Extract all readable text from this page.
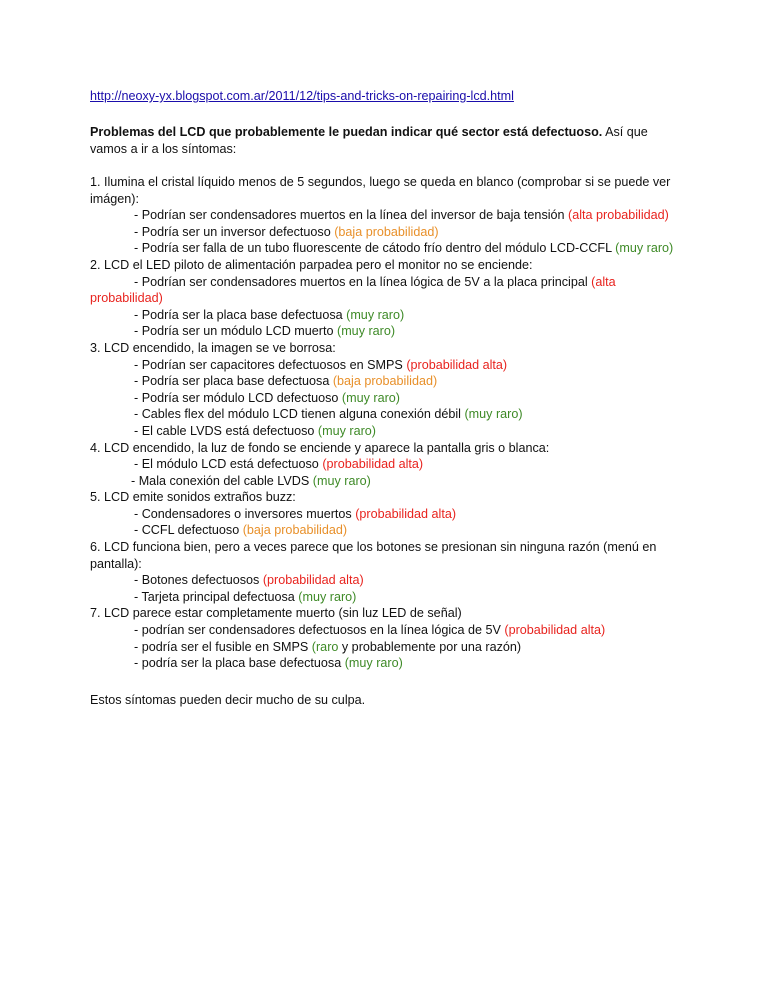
http://neoxy-yx.blogspot.com.ar/2011/12/tips-and-tricks-on-repairing-lcd.html
Problemas del LCD que probablemente le puedan indicar qué sector está defectuoso. Así que vamos a ir a los síntomas:
1. Ilumina el cristal líquido menos de 5 segundos, luego se queda en blanco (comprobar si se puede ver imágen):
- Podrían ser condensadores muertos en la línea del inversor de baja tensión (alta probabilidad)
- Podría ser un inversor defectuoso (baja probabilidad)
- Podría ser falla de un tubo fluorescente de cátodo frío dentro del módulo LCD-CCFL (muy raro)
2. LCD el LED piloto de alimentación parpadea pero el monitor no se enciende:
- Podrían ser condensadores muertos en la línea lógica de 5V a la placa principal (alta probabilidad)
- Podría ser la placa base defectuosa (muy raro)
- Podría ser un módulo LCD muerto (muy raro)
3. LCD encendido, la imagen se ve borrosa:
- Podrían ser capacitores defectuosos en SMPS (probabilidad alta)
- Podría ser placa base defectuosa (baja probabilidad)
- Podría ser módulo LCD defectuoso (muy raro)
- Cables flex del módulo LCD tienen alguna conexión débil (muy raro)
- El cable LVDS está defectuoso (muy raro)
4. LCD encendido, la luz de fondo se enciende y aparece la pantalla gris o blanca:
- El módulo LCD está defectuoso (probabilidad alta)
- Mala conexión del cable LVDS (muy raro)
5. LCD emite sonidos extraños buzz:
- Condensadores o inversores muertos (probabilidad alta)
- CCFL defectuoso (baja probabilidad)
6. LCD funciona bien, pero a veces parece que los botones se presionan sin ninguna razón (menú en pantalla):
- Botones defectuosos (probabilidad alta)
- Tarjeta principal defectuosa (muy raro)
7. LCD parece estar completamente muerto (sin luz LED de señal)
- podrían ser condensadores defectuosos en la línea lógica de 5V (probabilidad alta)
- podría ser el fusible en SMPS (raro y probablemente por una razón)
- podría ser la placa base defectuosa (muy raro)
Estos síntomas pueden decir mucho de su culpa.
